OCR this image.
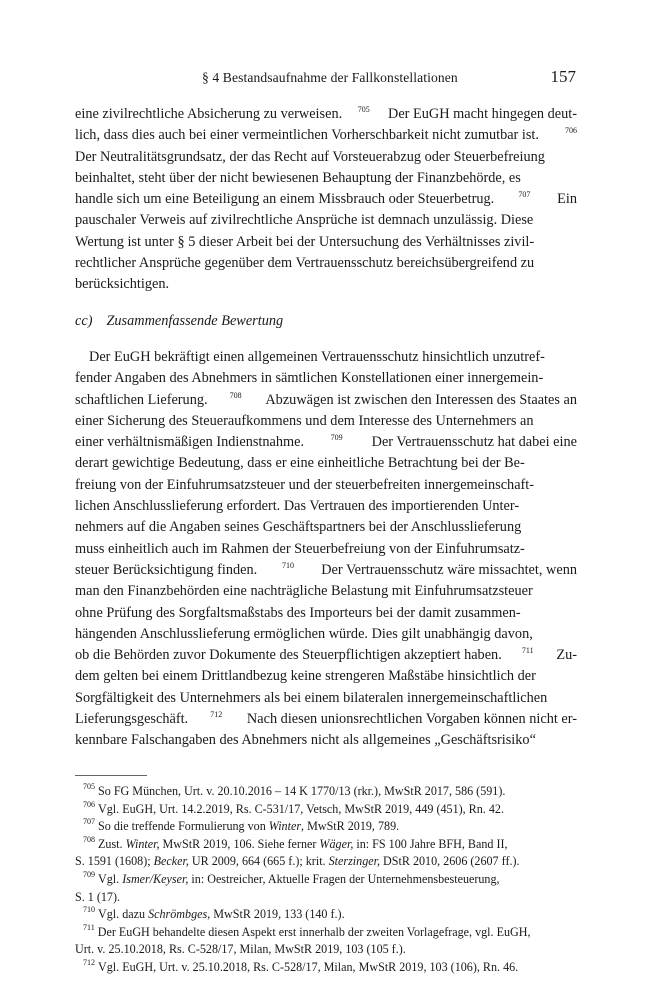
§ 4 Bestandsaufnahme der Fallkonstellationen	157
eine zivilrechtliche Absicherung zu verweisen. $^{705}$ Der EuGH macht hingegen deut-
lich, dass dies auch bei einer vermeintlichen Vorherschbarkeit nicht zumutbar ist.	$^{706}$
Der Neutralitätsgrundsatz, der das Recht auf Vorsteuerabzug oder Steuerbefreiung
beinhaltet, steht über der nicht bewiesenen Behauptung der Finanzbehörde, es
handle sich um eine Beteiligung an einem Missbrauch oder Steuerbetrug.	$^{707}$ Ein
pauschaler Verweis auf zivilrechtliche Ansprüche ist demnach unzulässig. Diese
Wertung ist unter § 5 dieser Arbeit bei der Untersuchung des Verhältnisses zivil-
rechtlicher Ansprüche gegenüber dem Vertrauensschutz bereichsübergreifend zu
berücksichtigen.
cc) Zusammenfassende Bewertung
Der EuGH bekräftigt einen allgemeinen Vertrauensschutz hinsichtlich unzutref-
fender Angaben des Abnehmers in sämtlichen Konstellationen einer innergemein-
schaftlichen Lieferung.	$^{708}$ Abzuwägen ist zwischen den Interessen des Staates an
einer Sicherung des Steueraufkommens und dem Interesse des Unternehmers an
einer verhältnismäßigen Indienstnahme.	$^{709}$ Der Vertrauensschutz hat dabei eine
derart gewichtige Bedeutung, dass er eine einheitliche Betrachtung bei der Be-
freiung von der Einfuhrumsatzsteuer und der steuerbefreiten innergemeinschaft-
lichen Anschlusslieferung erfordert. Das Vertrauen des importierenden Unter-
nehmers auf die Angaben seines Geschäftspartners bei der Anschlusslieferung
muss einheitlich auch im Rahmen der Steuerbefreiung von der Einfuhrumsatz-
steuer Berücksichtigung finden.	$^{710}$ Der Vertrauensschutz wäre missachtet, wenn
man den Finanzbehörden eine nachträgliche Belastung mit Einfuhrumsatzsteuer
ohne Prüfung des Sorgfaltsmaßstabs des Importeurs bei der damit zusammen-
hängenden Anschlusslieferung ermöglichen würde. Dies gilt unabhängig davon,
ob die Behörden zuvor Dokumente des Steuerpflichtigen akzeptiert haben.	$^{711}$ Zu-
dem gelten bei einem Drittlandbezug keine strengeren Maßstäbe hinsichtlich der
Sorgfältigkeit des Unternehmers als bei einem bilateralen innergemeinschaftlichen
Lieferungsgeschäft.	$^{712}$ Nach diesen unionsrechtlichen Vorgaben können nicht er-
kennbare Falschangaben des Abnehmers nicht als allgemeines „Geschäftsrisiko“
$^{705}$
So FG München, Urt. v. 20.10.2016 – 14 K 1770/13 (rkr.), MwStR 2017, 586 (591).
$^{706}$
Vgl. EuGH, Urt. 14.2.2019, Rs. C-531/17, Vetsch, MwStR 2019, 449 (451), Rn. 42.
$^{707}$
So die treffende Formulierung von Winter , MwStR 2019, 789.
$^{708}$
Zust. Winter, MwStR 2019, 106. Siehe ferner Wäger, in: FS 100 Jahre BFH, Band II,
S. 1591 (1608); Becker, UR 2009, 664 (665 f.); krit. Sterzinger, DStR 2010, 2606 (2607 ff.).
$^{709}$
Vgl. Ismer/Keyser, in: Oestreicher, Aktuelle Fragen der Unternehmensbesteuerung,
S. 1 (17).
$^{710}$
Vgl. dazu Schrömbges , MwStR 2019, 133 (140 f.).
$^{711}$
Der EuGH behandelte diesen Aspekt erst innerhalb der zweiten Vorlagefrage, vgl. EuGH,
Urt. v. 25.10.2018, Rs. C-528/17, Milan, MwStR 2019, 103 (105 f.).
$^{712}$
Vgl. EuGH, Urt. v. 25.10.2018, Rs. C-528/17, Milan, MwStR 2019, 103 (106), Rn. 46.
